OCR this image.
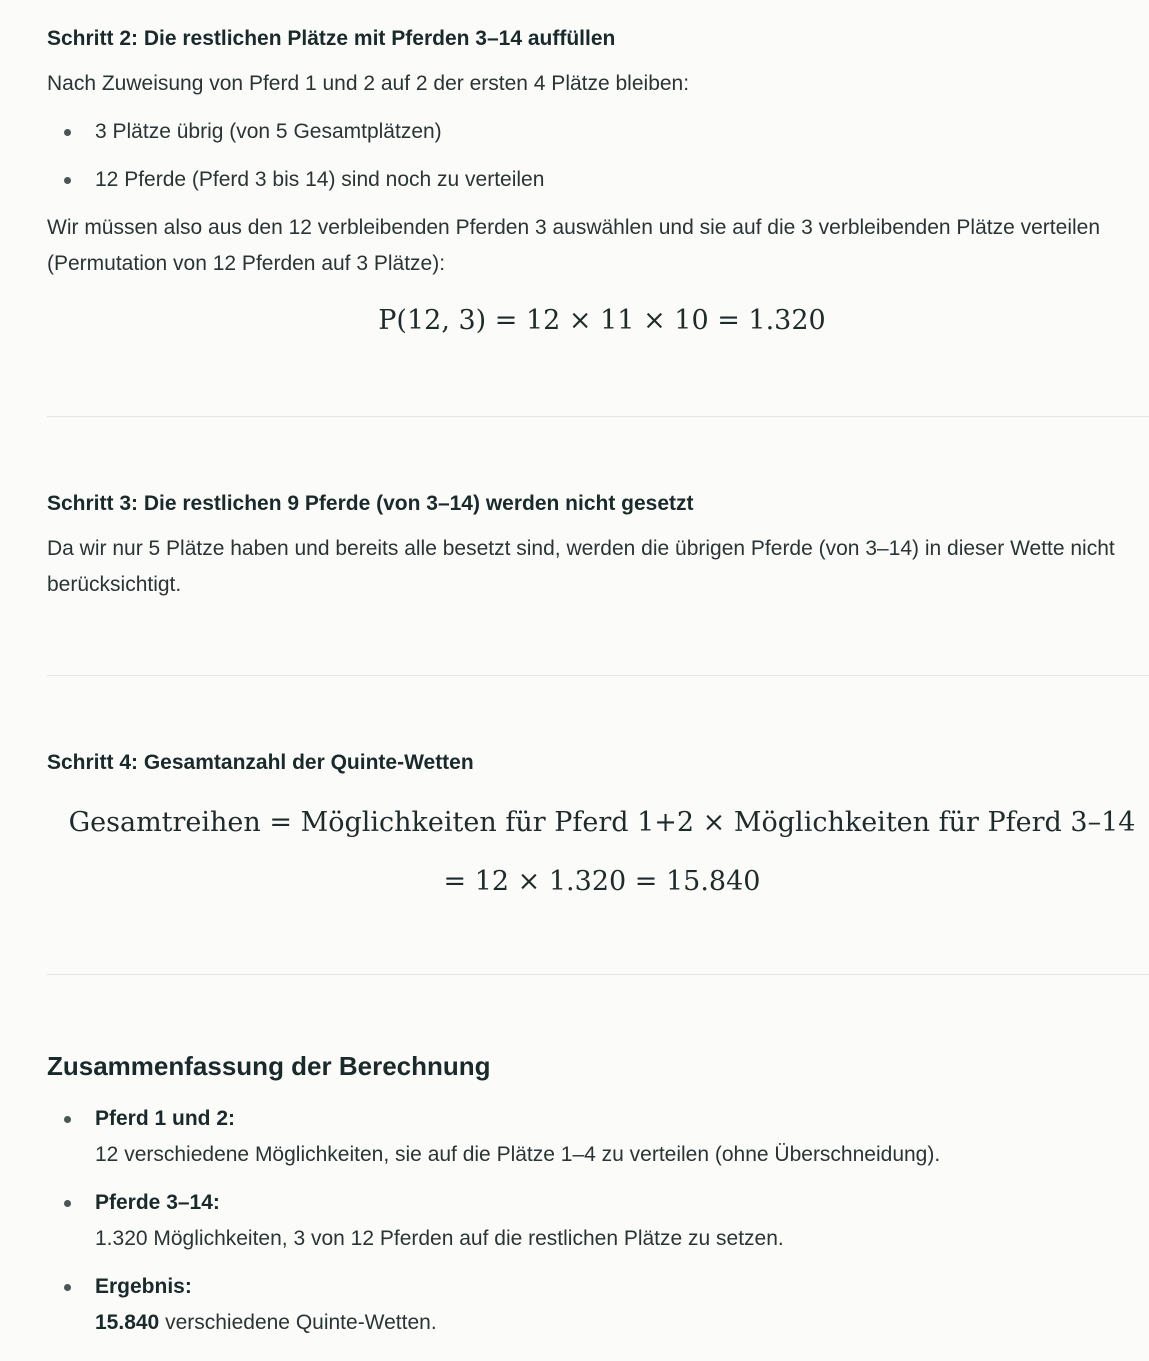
Schritt 2: Die restlichen Plätze mit Pferden 3–14 auffüllen
Nach Zuweisung von Pferd 1 und 2 auf 2 der ersten 4 Plätze bleiben:
3 Plätze übrig (von 5 Gesamtplätzen)
12 Pferde (Pferd 3 bis 14) sind noch zu verteilen
Wir müssen also aus den 12 verbleibenden Pferden 3 auswählen und sie auf die 3 verbleibenden Plätze verteilen (Permutation von 12 Pferden auf 3 Plätze):
P(12, 3) = 12 × 11 × 10 = 1.320
Schritt 3: Die restlichen 9 Pferde (von 3–14) werden nicht gesetzt
Da wir nur 5 Plätze haben und bereits alle besetzt sind, werden die übrigen Pferde (von 3–14) in dieser Wette nicht berücksichtigt.
Schritt 4: Gesamtanzahl der Quinte-Wetten
Gesamtreihen = Möglichkeiten für Pferd 1+2 × Möglichkeiten für Pferd 3–14
= 12 × 1.320 = 15.840
Zusammenfassung der Berechnung
Pferd 1 und 2:
12 verschiedene Möglichkeiten, sie auf die Plätze 1–4 zu verteilen (ohne Überschneidung).
Pferde 3–14:
1.320 Möglichkeiten, 3 von 12 Pferden auf die restlichen Plätze zu setzen.
Ergebnis:
15.840 verschiedene Quinte-Wetten.
